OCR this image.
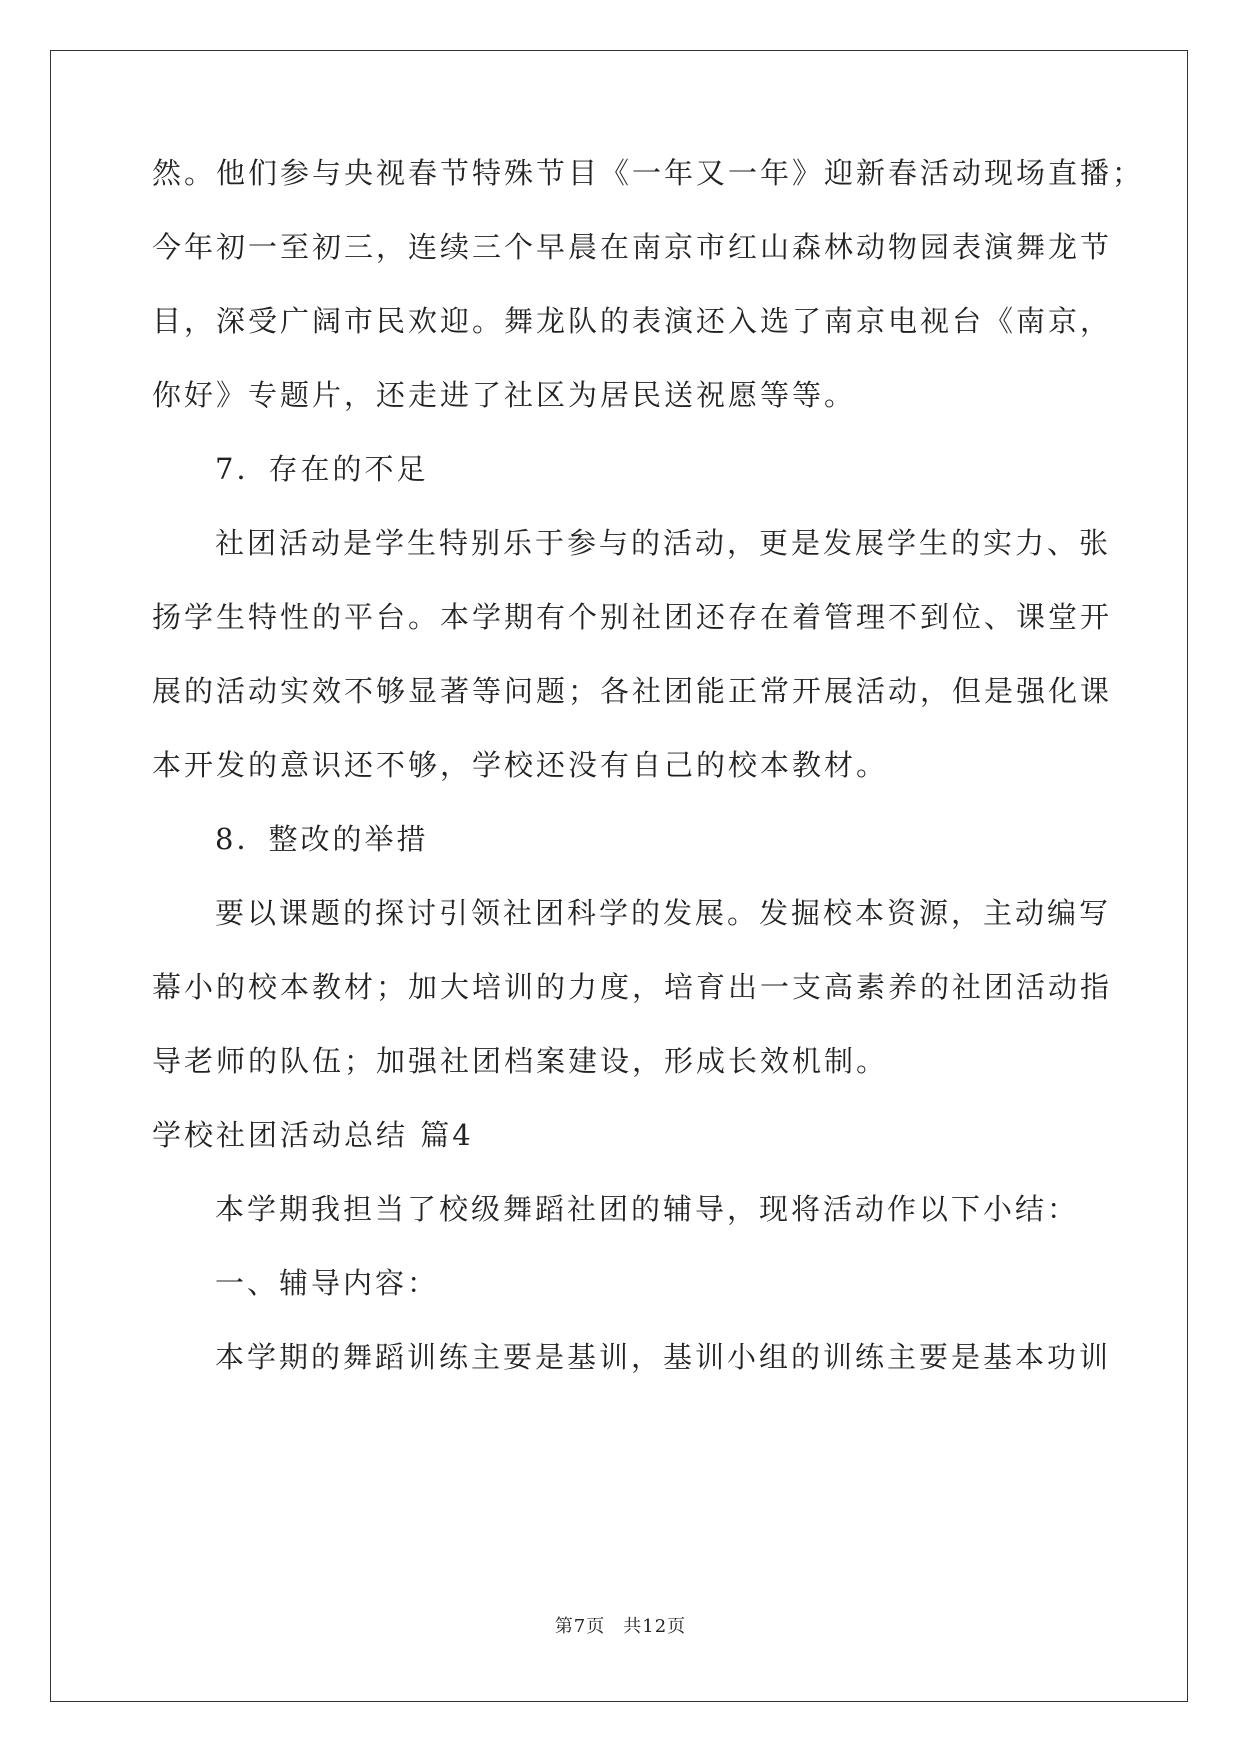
然。他们参与央视春节特殊节目《一年又一年》迎新春活动现场直播；
今年初一至初三，连续三个早晨在南京市红山森林动物园表演舞龙节
目，深受广阔市民欢迎。舞龙队的表演还入选了南京电视台《南京，
你好》专题片，还走进了社区为居民送祝愿等等。
7．存在的不足
社团活动是学生特别乐于参与的活动，更是发展学生的实力、张
扬学生特性的平台。本学期有个别社团还存在着管理不到位、课堂开
展的活动实效不够显著等问题；各社团能正常开展活动，但是强化课
本开发的意识还不够，学校还没有自己的校本教材。
8．整改的举措
要以课题的探讨引领社团科学的发展。发掘校本资源，主动编写
幕小的校本教材；加大培训的力度，培育出一支高素养的社团活动指
导老师的队伍；加强社团档案建设，形成长效机制。
学校社团活动总结 篇4
本学期我担当了校级舞蹈社团的辅导，现将活动作以下小结：
一、辅导内容：
本学期的舞蹈训练主要是基训，基训小组的训练主要是基本功训
第7页 共12页
